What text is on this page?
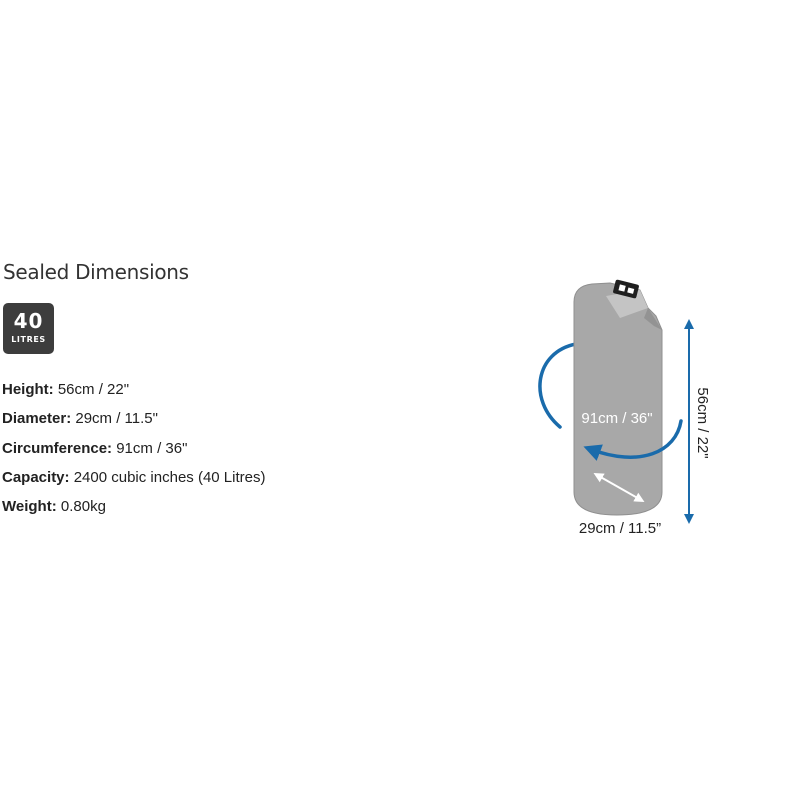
Sealed Dimensions
40
LITRES
Height : 56cm / 22"
Diameter : 29cm / 11.5"
Circumference : 91cm / 36"
Capacity : 2400 cubic inches (40 Litres)
Weight : 0.80kg
91cm / 36"	56cm / 22"
29cm / 11.5”
